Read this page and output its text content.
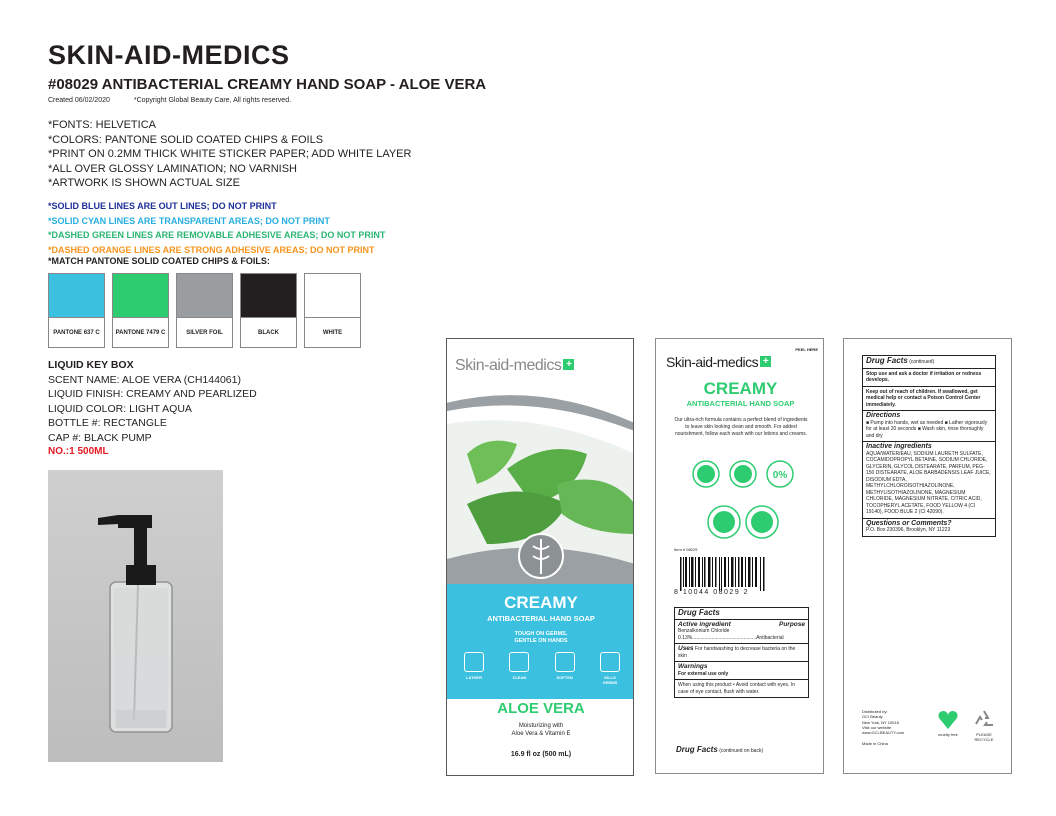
SKIN-AID-MEDICS
#08029 ANTIBACTERIAL CREAMY HAND SOAP - ALOE VERA
Created 06/02/2020	*Copyright Global Beauty Care, All rights reserved.
*FONTS: HELVETICA
*COLORS: PANTONE SOLID COATED CHIPS & FOILS
*PRINT ON 0.2MM THICK WHITE STICKER PAPER; ADD WHITE LAYER
*ALL OVER GLOSSY LAMINATION; NO VARNISH
*ARTWORK IS SHOWN ACTUAL SIZE
*SOLID BLUE LINES ARE OUT LINES; DO NOT PRINT
*SOLID CYAN LINES ARE TRANSPARENT AREAS; DO NOT PRINT
*DASHED GREEN LINES ARE REMOVABLE ADHESIVE AREAS; DO NOT PRINT
*DASHED ORANGE LINES ARE STRONG ADHESIVE AREAS; DO NOT PRINT
*MATCH PANTONE SOLID COATED CHIPS & FOILS:
PANTONE 637 C	PANTONE 7479 C	SILVER FOIL	BLACK	WHITE
LIQUID KEY BOX
SCENT NAME: ALOE VERA (CH144061)
LIQUID FINISH: CREAMY AND PEARLIZED
LIQUID COLOR: LIGHT AQUA
BOTTLE #: RECTANGLE
CAP #: BLACK PUMP
NO.:1 500ML
Skin-aid-medics +
CREAMY
ANTIBACTERIAL HAND SOAP
TOUGH ON GERMS,
GENTLE ON HANDS
LATHER	CLEAN	SOFTEN	KILLS GERMS
ALOE VERA
Moisturizing with
Aloe Vera & Vitamin E
16.9 fl oz (500 mL)
PEEL HERE
Skin-aid-medics +
CREAMY
ANTIBACTERIAL HAND SOAP
Our ultra-rich formula contains a perfect blend of ingredients to leave skin looking clean and smooth. For added nourishment, follow each wash with our lotions and creams.
0%
Item # 08029
8 10044 08029 2
Drug Facts
Active ingredient	Purpose
Benzalkonium Chloride
0.13%..............................................Antibacterial
Uses For handwashing to decrease bacteria on the skin
Warnings
For external use only
When using this product • Avoid contact with eyes. In case of eye contact, flush with water.
Drug Facts (continued on back)
Drug Facts (continued)
Stop use and ask a doctor if irritation or redness develops.
Keep out of reach of children. If swallowed, get medical help or contact a Poison Control Center immediately.
Directions
■ Pump into hands, wet as needed ■ Lather vigorously for at least 20 seconds ■ Wash skin, rinse thoroughly and dry
Inactive ingredients
AQUA/WATER/EAU, SODIUM LAURETH SULFATE, COCAMIDOPROPYL BETAINE, SODIUM CHLORIDE, GLYCERIN, GLYCOL DISTEARATE, PARFUM, PEG-150 DISTEARATE, ALOE BARBADENSIS LEAF JUICE, DISODIUM EDTA, METHYLCHLOROISOTHIAZOLINONE, METHYLISOTHIAZOLINONE, MAGNESIUM CHLORIDE, MAGNESIUM NITRATE, CITRIC ACID, TOCOPHERYL ACETATE, FOOD YELLOW 4 (CI 19140), FOOD BLUE 2 (CI 42090).
Questions or Comments?
P.O. Box 230396, Brooklyn, NY 11223
Distributed by:
GCI Beauty
New York, NY 10018
Visit our website
www.GCI-BEAUTY.com
Made in China
cruelty free	PLEASE RECYCLE
